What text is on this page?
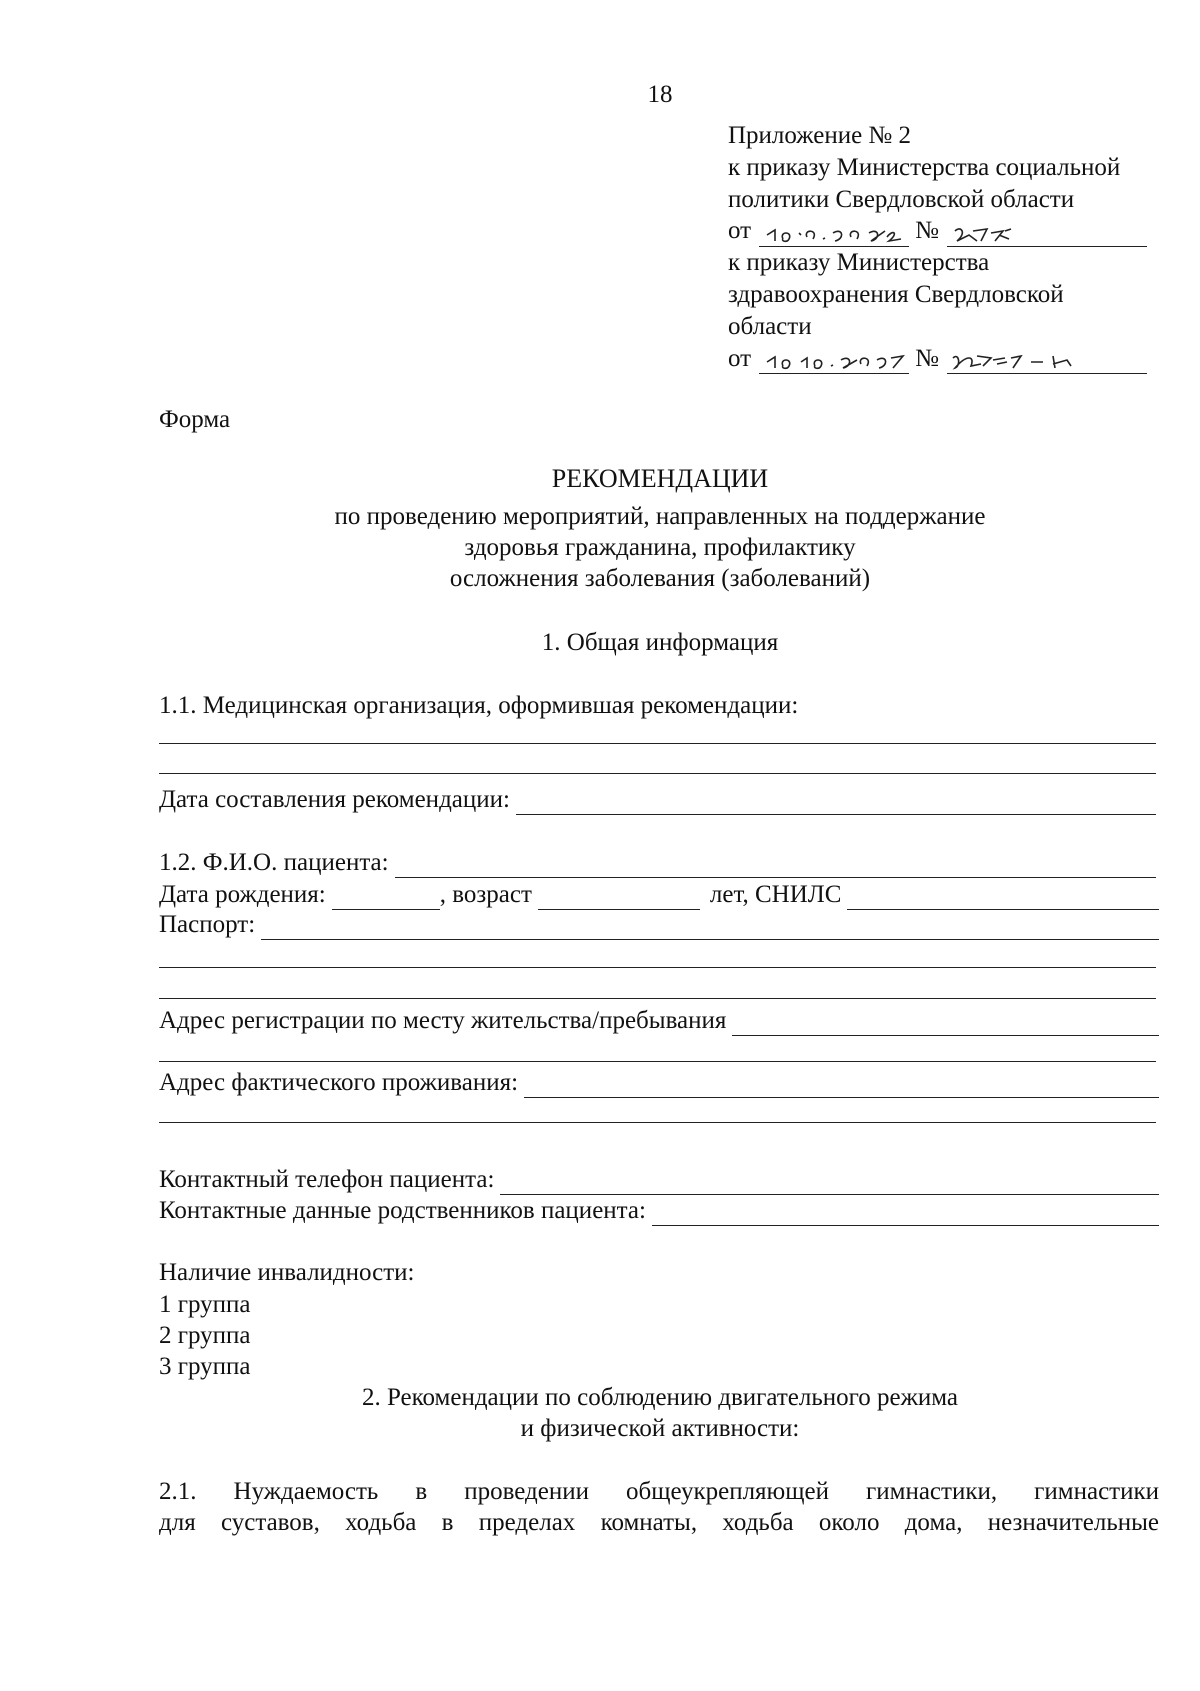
18
Приложение № 2
к приказу Министерства социальной
политики Свердловской области
от	№
к приказу Министерства
здравоохранения Свердловской
области
от	№
Форма
РЕКОМЕНДАЦИИ
по проведению мероприятий, направленных на поддержание
здоровья гражданина, профилактику
осложнения заболевания (заболеваний)
1. Общая информация
1.1. Медицинская организация, оформившая рекомендации:
Дата составления рекомендации:
1.2. Ф.И.О. пациента:
Дата рождения:	, возраст	лет, СНИЛС
Паспорт:
Адрес регистрации по месту жительства/пребывания
Адрес фактического проживания:
Контактный телефон пациента:
Контактные данные родственников пациента:
Наличие инвалидности:
1 группа
2 группа
3 группа
2. Рекомендации по соблюдению двигательного режима
и физической активности:
2.1. Нуждаемость в проведении общеукрепляющей гимнастики, гимнастики
для суставов, ходьба в пределах комнаты, ходьба около дома, незначительные
